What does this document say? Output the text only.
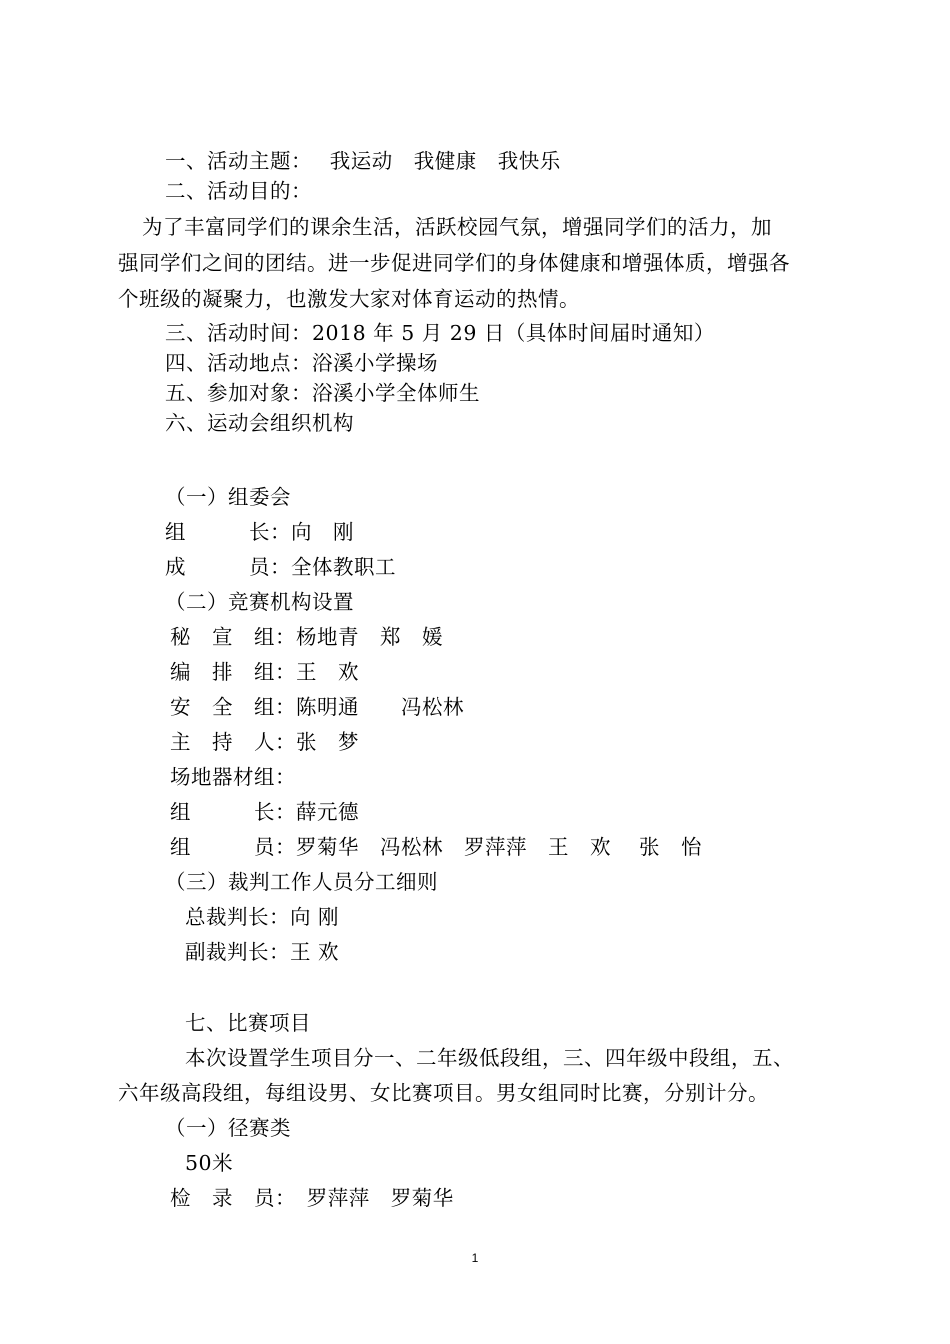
一、活动主题：　 我运动　我健康　我快乐
二、活动目的：
为了丰富同学们的课余生活，活跃校园气氛，增强同学们的活力，加
强同学们之间的团结。进一步促进同学们的身体健康和增强体质，增强各
个班级的凝聚力，也激发大家对体育运动的热情。
三、活动时间：2018 年 5 月 29 日（具体时间届时通知）
四、活动地点：浴溪小学操场
五、参加对象：浴溪小学全体师生
六、运动会组织机构
（一）组委会
组　　　长：向　刚
成　　　员：全体教职工
（二）竞赛机构设置
秘　宣　组：杨地青　郑　媛
编　排　组：王　欢
安　全　组：陈明通　　冯松林
主　持　人：张　梦
场地器材组：
组　　　长：薛元德
组　　　员：罗菊华　冯松林　罗萍萍　王　欢　 张　怡
（三）裁判工作人员分工细则
总裁判长：向 刚
副裁判长：王 欢
七、比赛项目
本次设置学生项目分一、二年级低段组，三、四年级中段组，五、
六年级高段组，每组设男、女比赛项目。男女组同时比赛，分别计分。
（一）径赛类
50米
检　录　员：　罗萍萍　罗菊华
1
